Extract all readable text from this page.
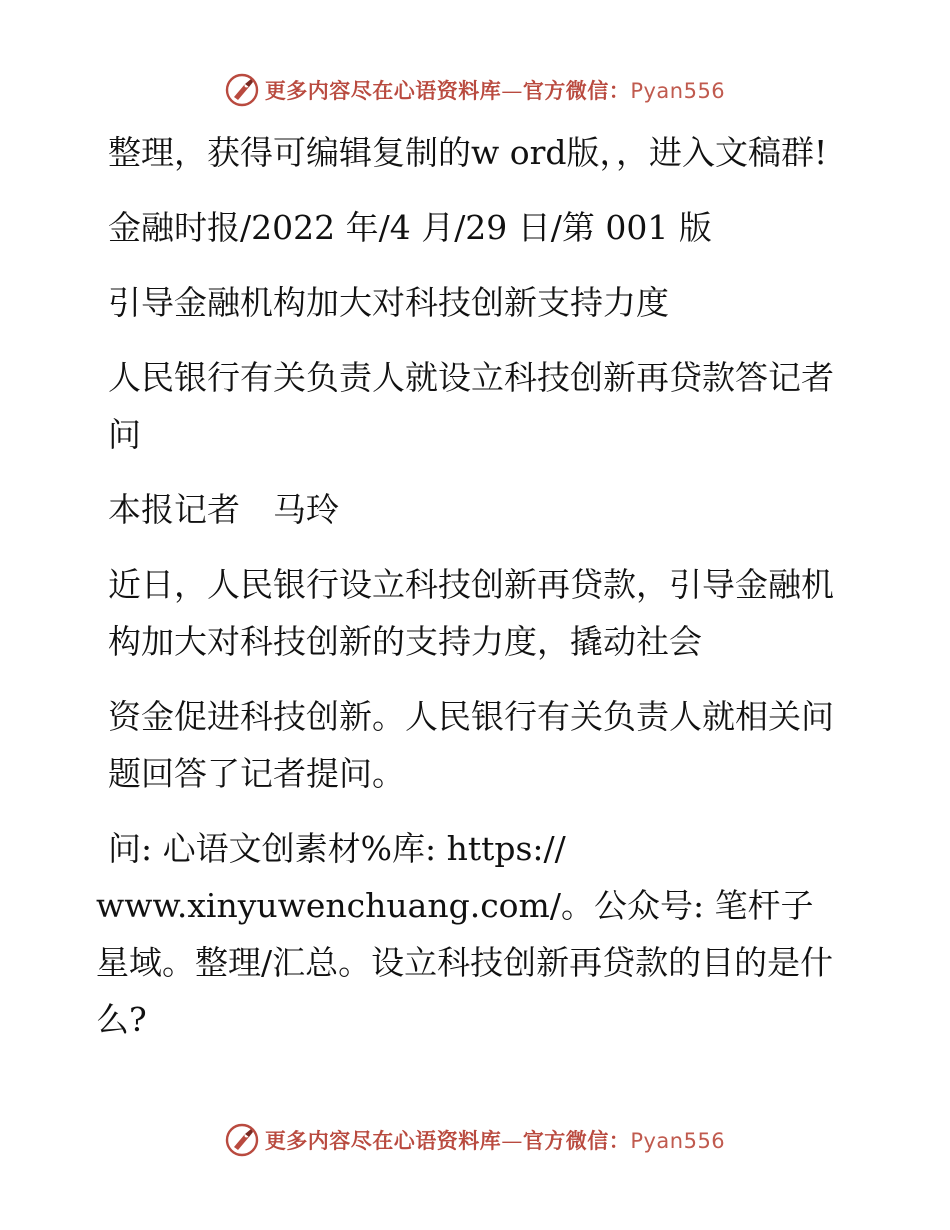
更多内容尽在心语资料库—官方微信：Pyan556

整理，获得可编辑复制的w ord版，，进入文稿群!

金融时报/2022 年/4 月/29 日/第 001 版

引导金融机构加大对科技创新支持力度

人民银行有关负责人就设立科技创新再贷款答记者问

本报记者　马玲

近日，人民银行设立科技创新再贷款，引导金融机构加大对科技创新的支持力度，撬动社会

资金促进科技创新。人民银行有关负责人就相关问题回答了记者提问。

问: 心语文创素材%库: https://

www.xinyuwenchuang.com/。公众号: 笔杆子星域。整理/汇总。设立科技创新再贷款的目的是什么?

更多内容尽在心语资料库—官方微信：Pyan556
